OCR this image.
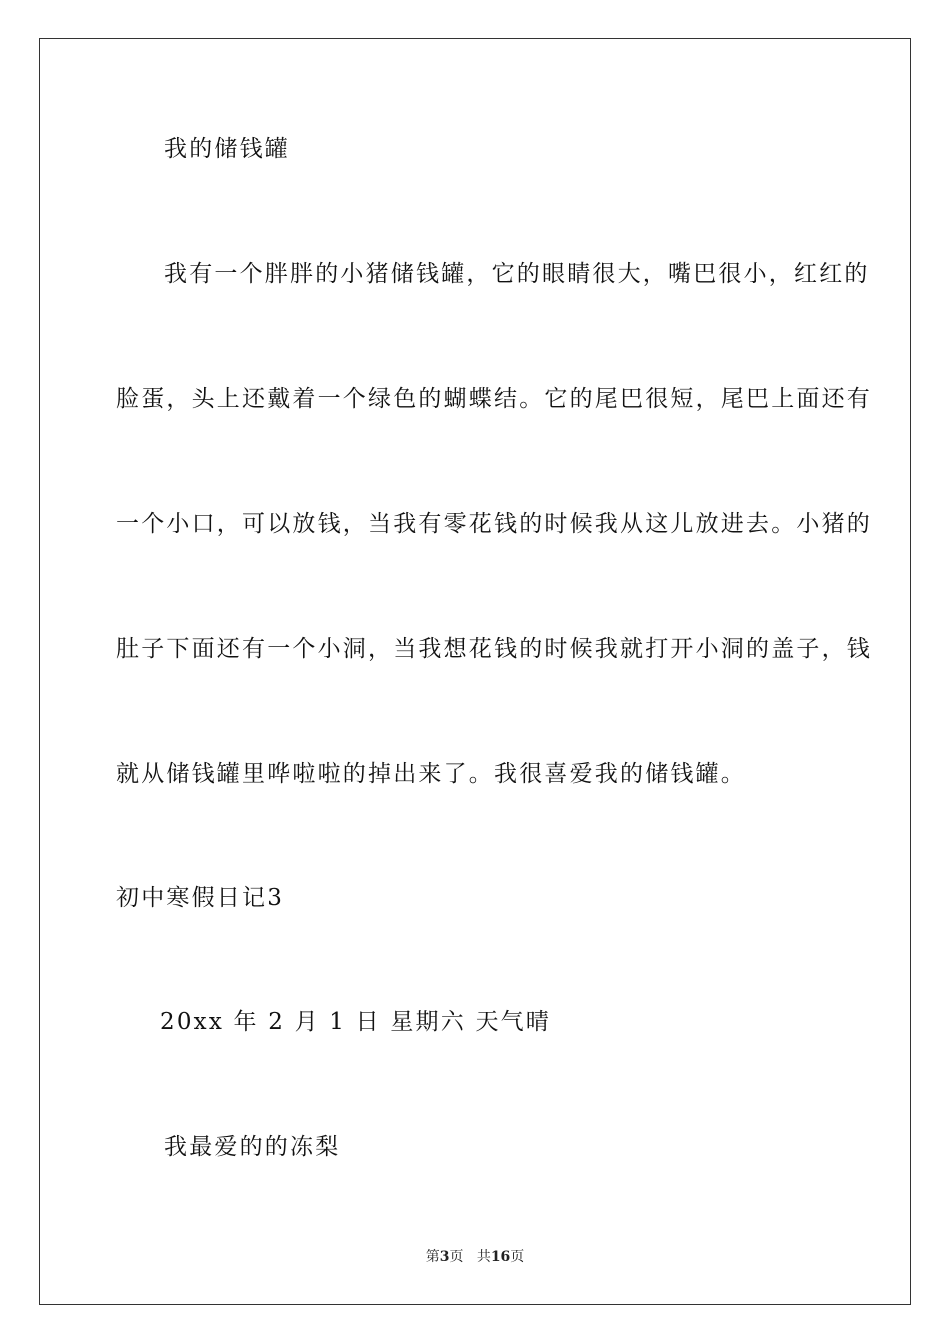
我的储钱罐
我有一个胖胖的小猪储钱罐，它的眼睛很大，嘴巴很小，红红的
脸蛋，头上还戴着一个绿色的蝴蝶结。它的尾巴很短，尾巴上面还有
一个小口，可以放钱，当我有零花钱的时候我从这儿放进去。小猪的
肚子下面还有一个小洞，当我想花钱的时候我就打开小洞的盖子，钱
就从储钱罐里哗啦啦的掉出来了。我很喜爱我的储钱罐。
初中寒假日记3
20xx 年 2 月 1 日 星期六 天气晴
我最爱的的冻梨
第3页 共16页
